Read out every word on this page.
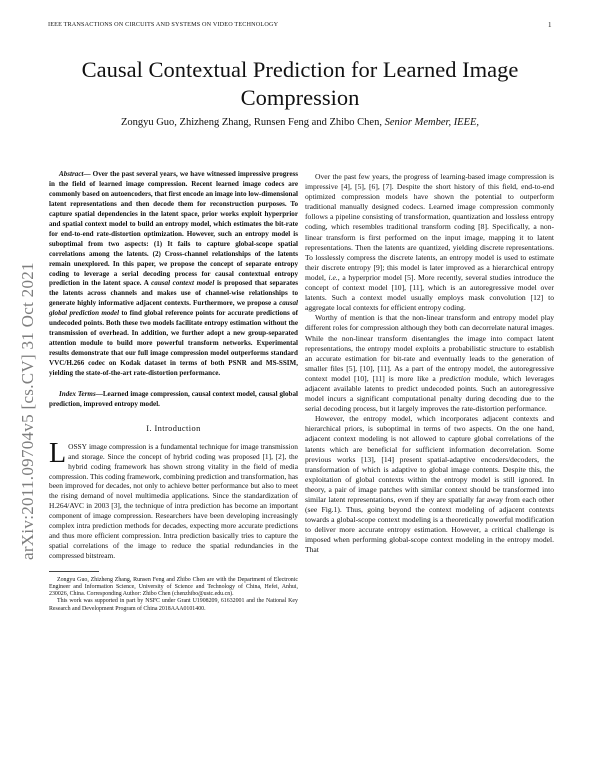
IEEE TRANSACTIONS ON CIRCUITS AND SYSTEMS ON VIDEO TECHNOLOGY	1
Causal Contextual Prediction for Learned Image Compression
Zongyu Guo, Zhizheng Zhang, Runsen Feng and Zhibo Chen, Senior Member, IEEE,
arXiv:2011.09704v5 [cs.CV] 31 Oct 2021

Abstract— Over the past several years, we have witnessed impressive progress in the field of learned image compression. Recent learned image codecs are commonly based on autoencoders, that first encode an image into low-dimensional latent representations and then decode them for reconstruction purposes. To capture spatial dependencies in the latent space, prior works exploit hyperprior and spatial context model to build an entropy model, which estimates the bit-rate for end-to-end rate-distortion optimization. However, such an entropy model is suboptimal from two aspects: (1) It fails to capture global-scope spatial correlations among the latents. (2) Cross-channel relationships of the latents remain unexplored. In this paper, we propose the concept of separate entropy coding to leverage a serial decoding process for causal contextual entropy prediction in the latent space. A causal context model is proposed that separates the latents across channels and makes use of channel-wise relationships to generate highly informative adjacent contexts. Furthermore, we propose a causal global prediction model to find global reference points for accurate predictions of undecoded points. Both these two models facilitate entropy estimation without the transmission of overhead. In addition, we further adopt a new group-separated attention module to build more powerful transform networks. Experimental results demonstrate that our full image compression model outperforms standard VVC/H.266 codec on Kodak dataset in terms of both PSNR and MS-SSIM, yielding the state-of-the-art rate-distortion performance.

Index Terms—Learned image compression, causal context model, causal global prediction, improved entropy model.

I. Introduction

LOSSY image compression is a fundamental technique for image transmission and storage. Since the concept of hybrid coding was proposed [1], [2], the hybrid coding framework has shown strong vitality in the field of media compression. This coding framework, combining prediction and transformation, has been improved for decades, not only to achieve better performance but also to meet the rising demand of novel multimedia applications. Since the standardization of H.264/AVC in 2003 [3], the technique of intra prediction has become an important component of image compression. Researchers have been developing increasingly complex intra prediction methods for decades, expecting more accurate predictions and thus more efficient compression. Intra prediction basically tries to capture the spatial correlations of the image to reduce the spatial redundancies in the compressed bitstream.

Zongyu Guo, Zhizheng Zhang, Runsen Feng and Zhibo Chen are with the Department of Electronic Engineer and Information Science, University of Science and Technology of China, Hefei, Anhui, 230026, China. Corresponding Author: Zhibo Chen (chenzhibo@ustc.edu.cn).

This work was supported in part by NSFC under Grant U1908209, 61632001 and the National Key Research and Development Program of China 2018AAA0101400.

Over the past few years, the progress of learning-based image compression is impressive [4], [5], [6], [7]. Despite the short history of this field, end-to-end optimized compression models have shown the potential to outperform traditional manually designed codecs. Learned image compression commonly follows a pipeline consisting of transformation, quantization and lossless entropy coding, which resembles traditional transform coding [8]. Specifically, a non-linear transform is first performed on the input image, mapping it to latent representations. Then the latents are quantized, yielding discrete representations. To losslessly compress the discrete latents, an entropy model is used to estimate their discrete entropy [9]; this model is later improved as a hierarchical entropy model, i.e., a hyperprior model [5]. More recently, several studies introduce the concept of context model [10], [11], which is an autoregressive model over latents. Such a context model usually employs mask convolution [12] to aggregate local contexts for efficient entropy coding.

Worthy of mention is that the non-linear transform and entropy model play different roles for compression although they both can decorrelate natural images. While the non-linear transform disentangles the image into compact latent representations, the entropy model exploits a probabilistic structure to establish an accurate estimation for bit-rate and eventually leads to the generation of smaller files [5], [10], [11]. As a part of the entropy model, the autoregressive context model [10], [11] is more like a prediction module, which leverages adjacent available latents to predict undecoded points. Such an autoregressive model incurs a significant computational penalty during decoding due to the serial decoding process, but it largely improves the rate-distortion performance.

However, the entropy model, which incorporates adjacent contexts and hierarchical priors, is suboptimal in terms of two aspects. On the one hand, adjacent context modeling is not allowed to capture global correlations of the latents which are beneficial for sufficient information decorrelation. Some previous works [13], [14] present spatial-adaptive encoders/decoders, the transformation of which is adaptive to global image contents. Despite this, the exploitation of global contexts within the entropy model is still ignored. In theory, a pair of image patches with similar context should be transformed into similar latent representations, even if they are spatially far away from each other (see Fig.1). Thus, going beyond the context modeling of adjacent contexts towards a global-scope context modeling is a theoretically powerful modification to deliver more accurate entropy estimation. However, a critical challenge is imposed when performing global-scope context modeling in the entropy model. That
